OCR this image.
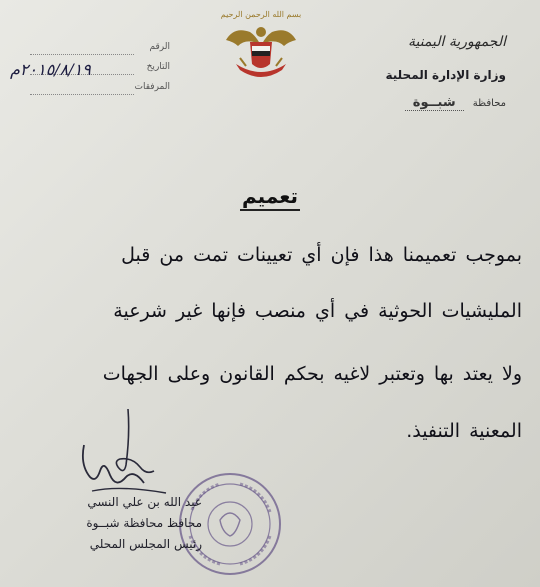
الجمهورية اليمنية
وزارة الإدارة المحلية
محافظة شبــوة
بسم الله الرحمن الرحيم
الرقم
التاريخ
٢٠١٥/٨/١٩م
المرفقات
تعميم
بموجب تعميمنا هذا فإن أي تعيينات تمت من قبل
المليشيات الحوثية في أي منصب فإنها غير شرعية
ولا يعتد بها وتعتبر لاغيه بحكم القانون وعلى الجهات
المعنية التنفيذ.
عبد الله بن علي النسي
محافظ محافظة شبــوة
رئيس المجلس المحلي
